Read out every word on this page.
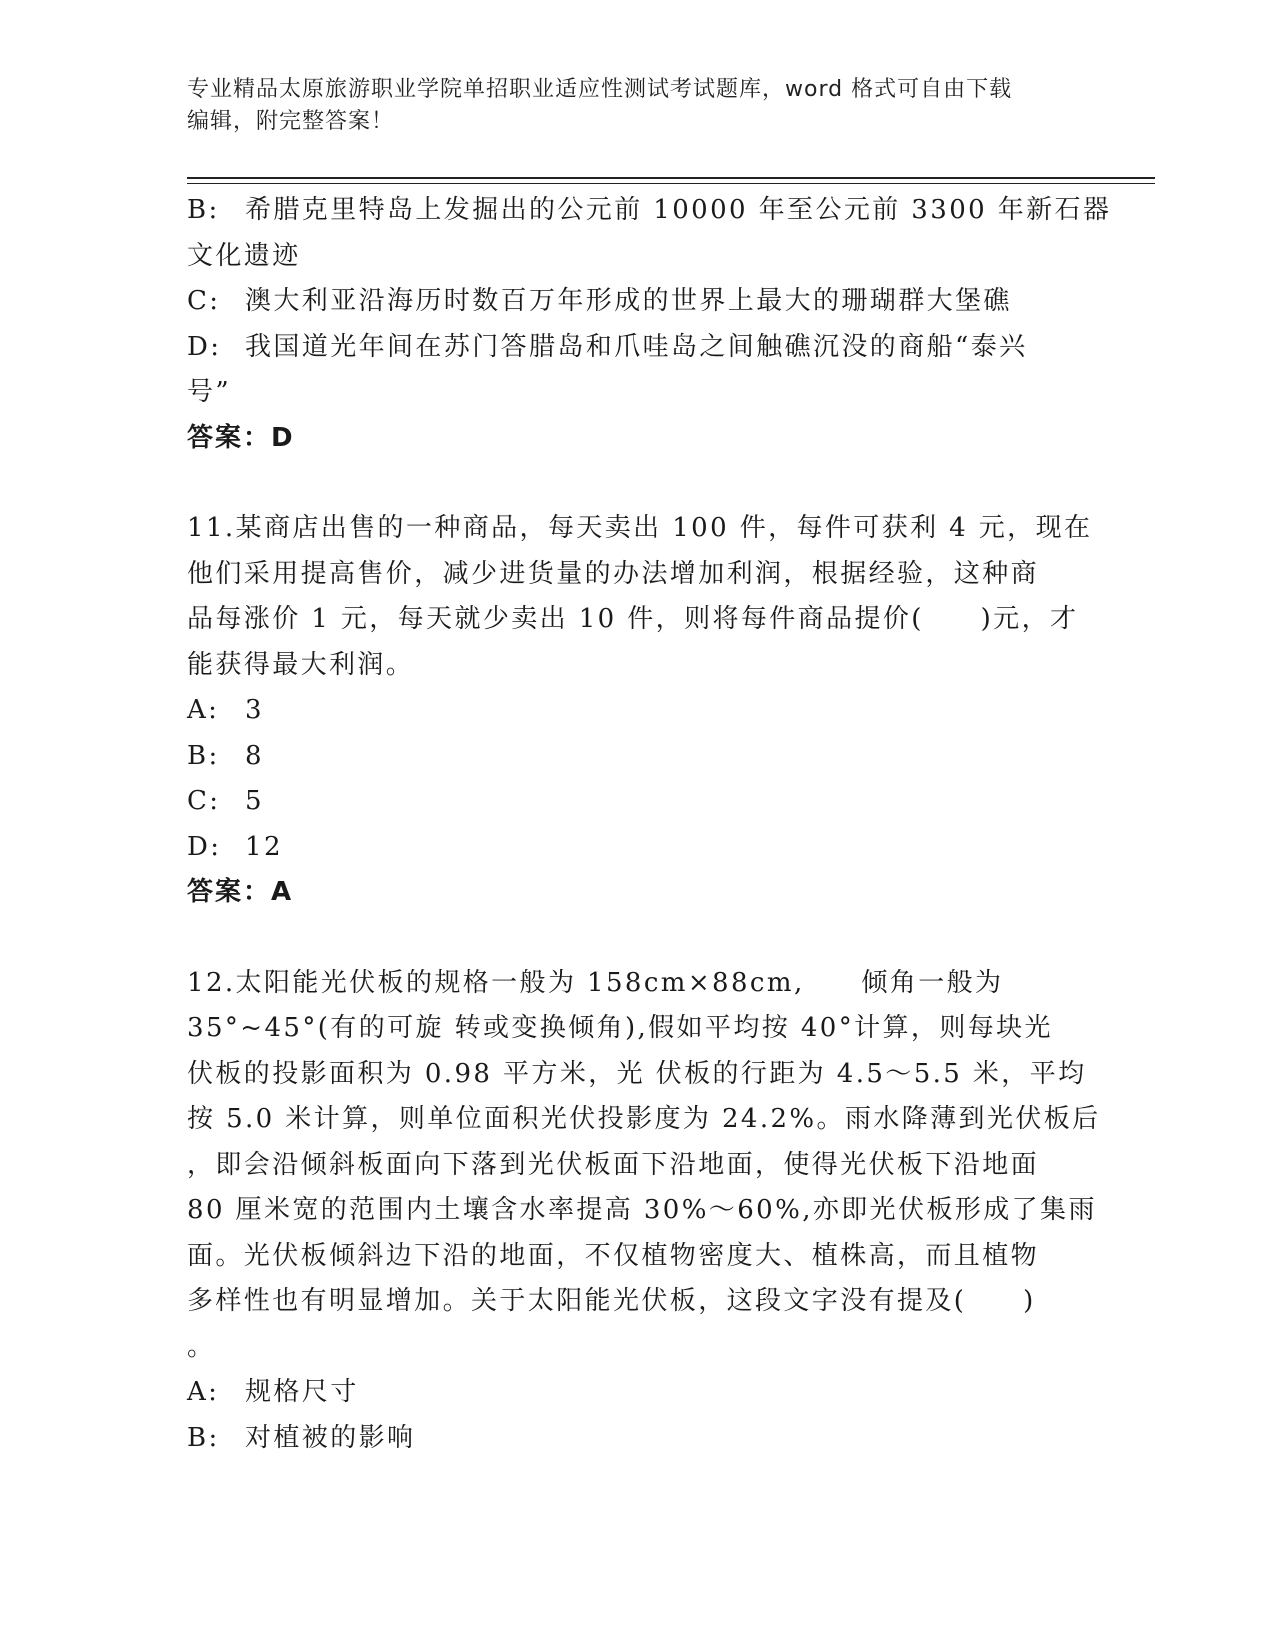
专业精品太原旅游职业学院单招职业适应性测试考试题库，word 格式可自由下载
编辑，附完整答案！
B: 希腊克里特岛上发掘出的公元前 10000 年至公元前 3300 年新石器
文化遗迹
C: 澳大利亚沿海历时数百万年形成的世界上最大的珊瑚群大堡礁
D: 我国道光年间在苏门答腊岛和爪哇岛之间触礁沉没的商船“泰兴
号”
答案：D
11.某商店出售的一种商品，每天卖出 100 件，每件可获利 4 元，现在
他们采用提高售价，减少进货量的办法增加利润，根据经验，这种商
品每涨价 1 元，每天就少卖出 10 件，则将每件商品提价(　　)元，才
能获得最大利润。
A: 3
B: 8
C: 5
D: 12
答案：A
12.太阳能光伏板的规格一般为 158cm×88cm,　　倾角一般为
35°~45°(有的可旋 转或变换倾角),假如平均按 40°计算，则每块光
伏板的投影面积为 0.98 平方米，光 伏板的行距为 4.5～5.5 米，平均
按 5.0 米计算，则单位面积光伏投影度为 24.2%。雨水降薄到光伏板后
，即会沿倾斜板面向下落到光伏板面下沿地面，使得光伏板下沿地面
80 厘米宽的范围内土壤含水率提高 30%～60%,亦即光伏板形成了集雨
面。光伏板倾斜边下沿的地面，不仅植物密度大、植株高，而且植物
多样性也有明显增加。关于太阳能光伏板，这段文字没有提及(　　)
。
A: 规格尺寸
B: 对植被的影响
